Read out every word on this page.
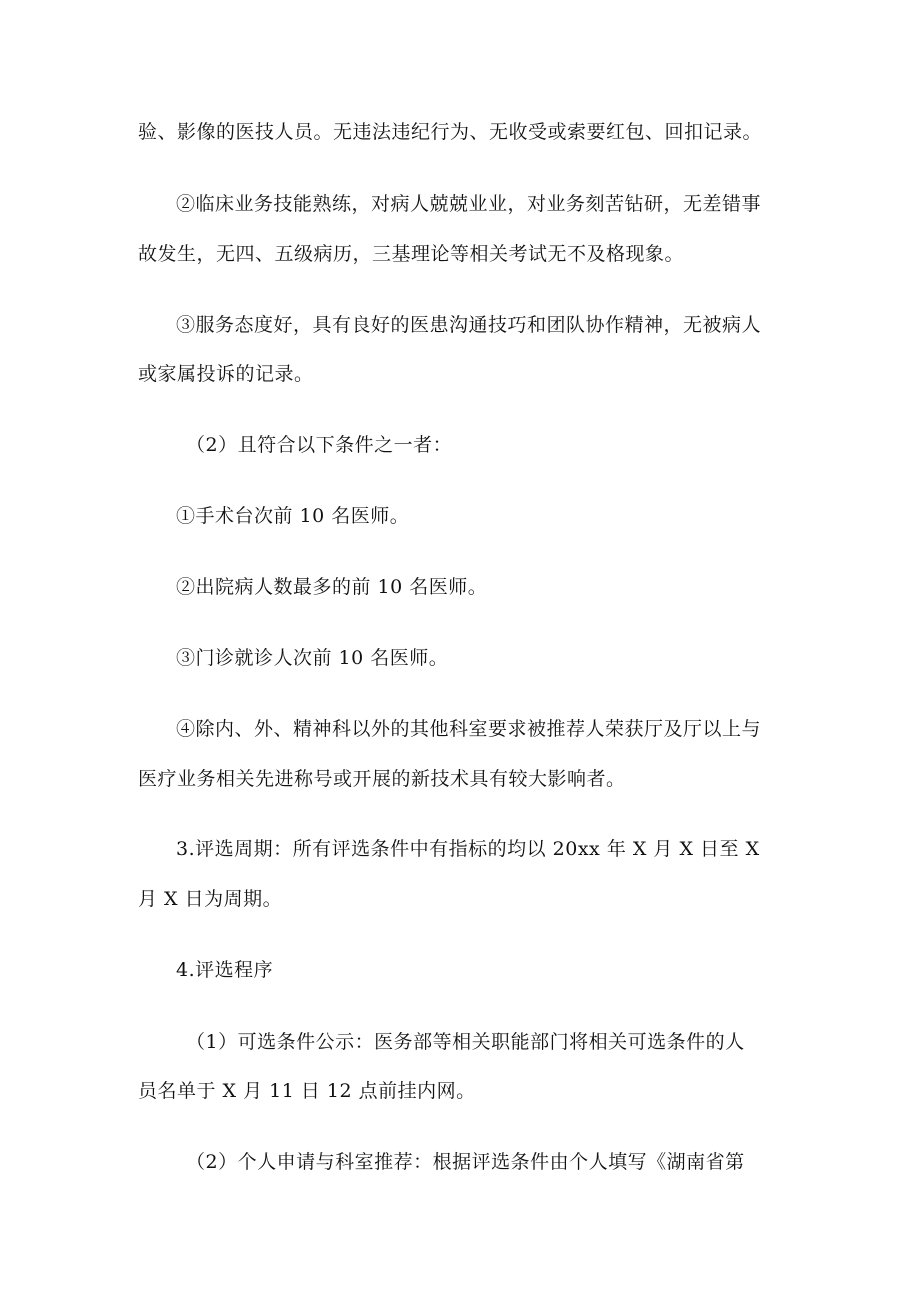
验、影像的医技人员。无违法违纪行为、无收受或索要红包、回扣记录。
②临床业务技能熟练，对病人兢兢业业，对业务刻苦钻研，无差错事
故发生，无四、五级病历，三基理论等相关考试无不及格现象。
③服务态度好，具有良好的医患沟通技巧和团队协作精神，无被病人
或家属投诉的记录。
（2）且符合以下条件之一者：
①手术台次前 10 名医师。
②出院病人数最多的前 10 名医师。
③门诊就诊人次前 10 名医师。
④除内、外、精神科以外的其他科室要求被推荐人荣获厅及厅以上与
医疗业务相关先进称号或开展的新技术具有较大影响者。
3.评选周期：所有评选条件中有指标的均以 20xx 年 X 月 X 日至 X
月 X 日为周期。
4.评选程序
（1）可选条件公示：医务部等相关职能部门将相关可选条件的人
员名单于 X 月 11 日 12 点前挂内网。
（2）个人申请与科室推荐：根据评选条件由个人填写《湖南省第
